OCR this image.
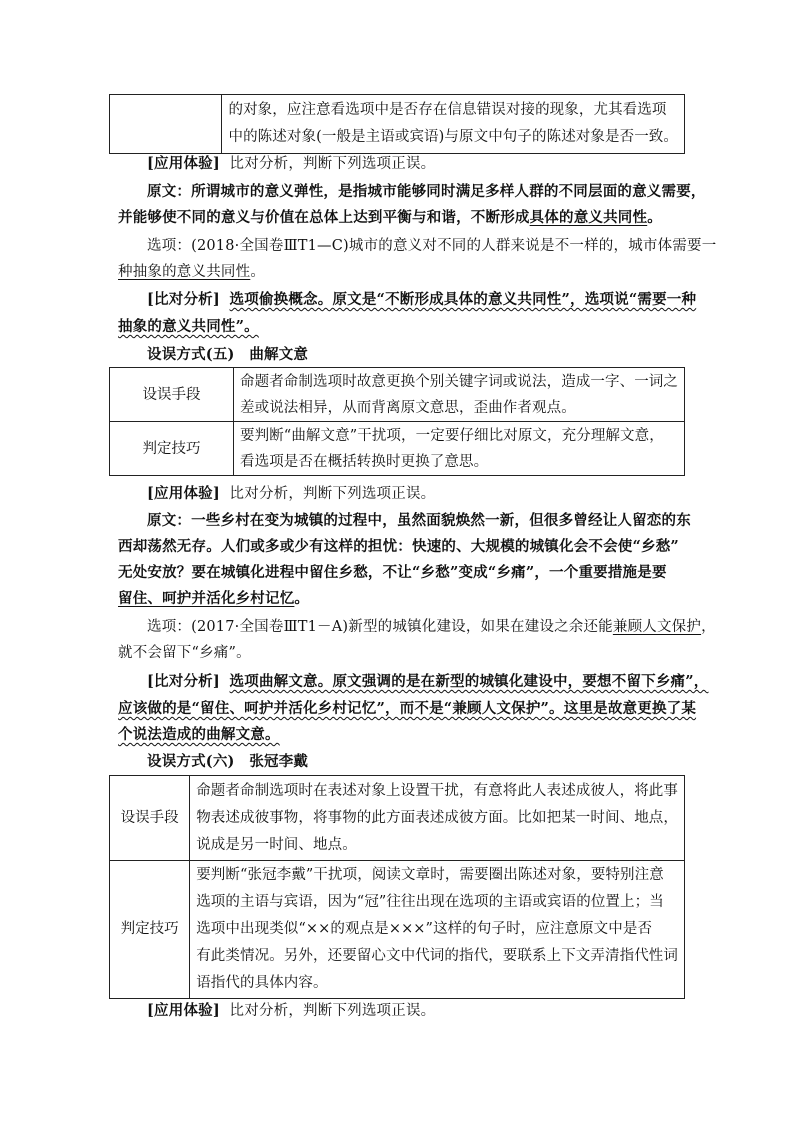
的对象，应注意看选项中是否存在信息错误对接的现象，尤其看选项
中的陈述对象(一般是主语或宾语)与原文中句子的陈述对象是否一致。
[应用体验] 比对分析，判断下列选项正误。
原文：所谓城市的意义弹性，是指城市能够同时满足多样人群的不同层面的意义需要，
并能够使不同的意义与价值在总体上达到平衡与和谐，不断形成具体的意义共同性。
选项：(2018·全国卷ⅢT1—C)城市的意义对不同的人群来说是不一样的，城市体需要一
种抽象的意义共同性。
[比对分析] 选项偷换概念。原文是“不断形成具体的意义共同性”，选项说“需要一种
抽象的意义共同性”。
设误方式(五)　曲解文意
设误手段	命题者命制选项时故意更换个别关键字词或说法，造成一字、一词之
差或说法相异，从而背离原文意思，歪曲作者观点。

判定技巧	要判断“曲解文意”干扰项，一定要仔细比对原文，充分理解文意，
看选项是否在概括转换时更换了意思。
[应用体验] 比对分析，判断下列选项正误。
原文：一些乡村在变为城镇的过程中，虽然面貌焕然一新，但很多曾经让人留恋的东
西却荡然无存。人们或多或少有这样的担忧：快速的、大规模的城镇化会不会使“乡愁”
无处安放？要在城镇化进程中留住乡愁，不让“乡愁”变成“乡痛”，一个重要措施是要
留住、呵护并活化乡村记忆。
选项：(2017·全国卷ⅢT1－A)新型的城镇化建设，如果在建设之余还能兼顾人文保护，
就不会留下“乡痛”。
[比对分析] 选项曲解文意。原文强调的是在新型的城镇化建设中，要想不留下乡痛”，
应该做的是“留住、呵护并活化乡村记忆”，而不是“兼顾人文保护”。这里是故意更换了某
个说法造成的曲解文意。
设误方式(六)　张冠李戴
设误手段	命题者命制选项时在表述对象上设置干扰，有意将此人表述成彼人，将此事
物表述成彼事物，将事物的此方面表述成彼方面。比如把某一时间、地点，
说成是另一时间、地点。

判定技巧	要判断“张冠李戴”干扰项，阅读文章时，需要圈出陈述对象，要特别注意
选项的主语与宾语，因为“冠”往往出现在选项的主语或宾语的位置上；当
选项中出现类似“××的观点是×××”这样的句子时，应注意原文中是否
有此类情况。另外，还要留心文中代词的指代，要联系上下文弄清指代性词
语指代的具体内容。
[应用体验] 比对分析，判断下列选项正误。
